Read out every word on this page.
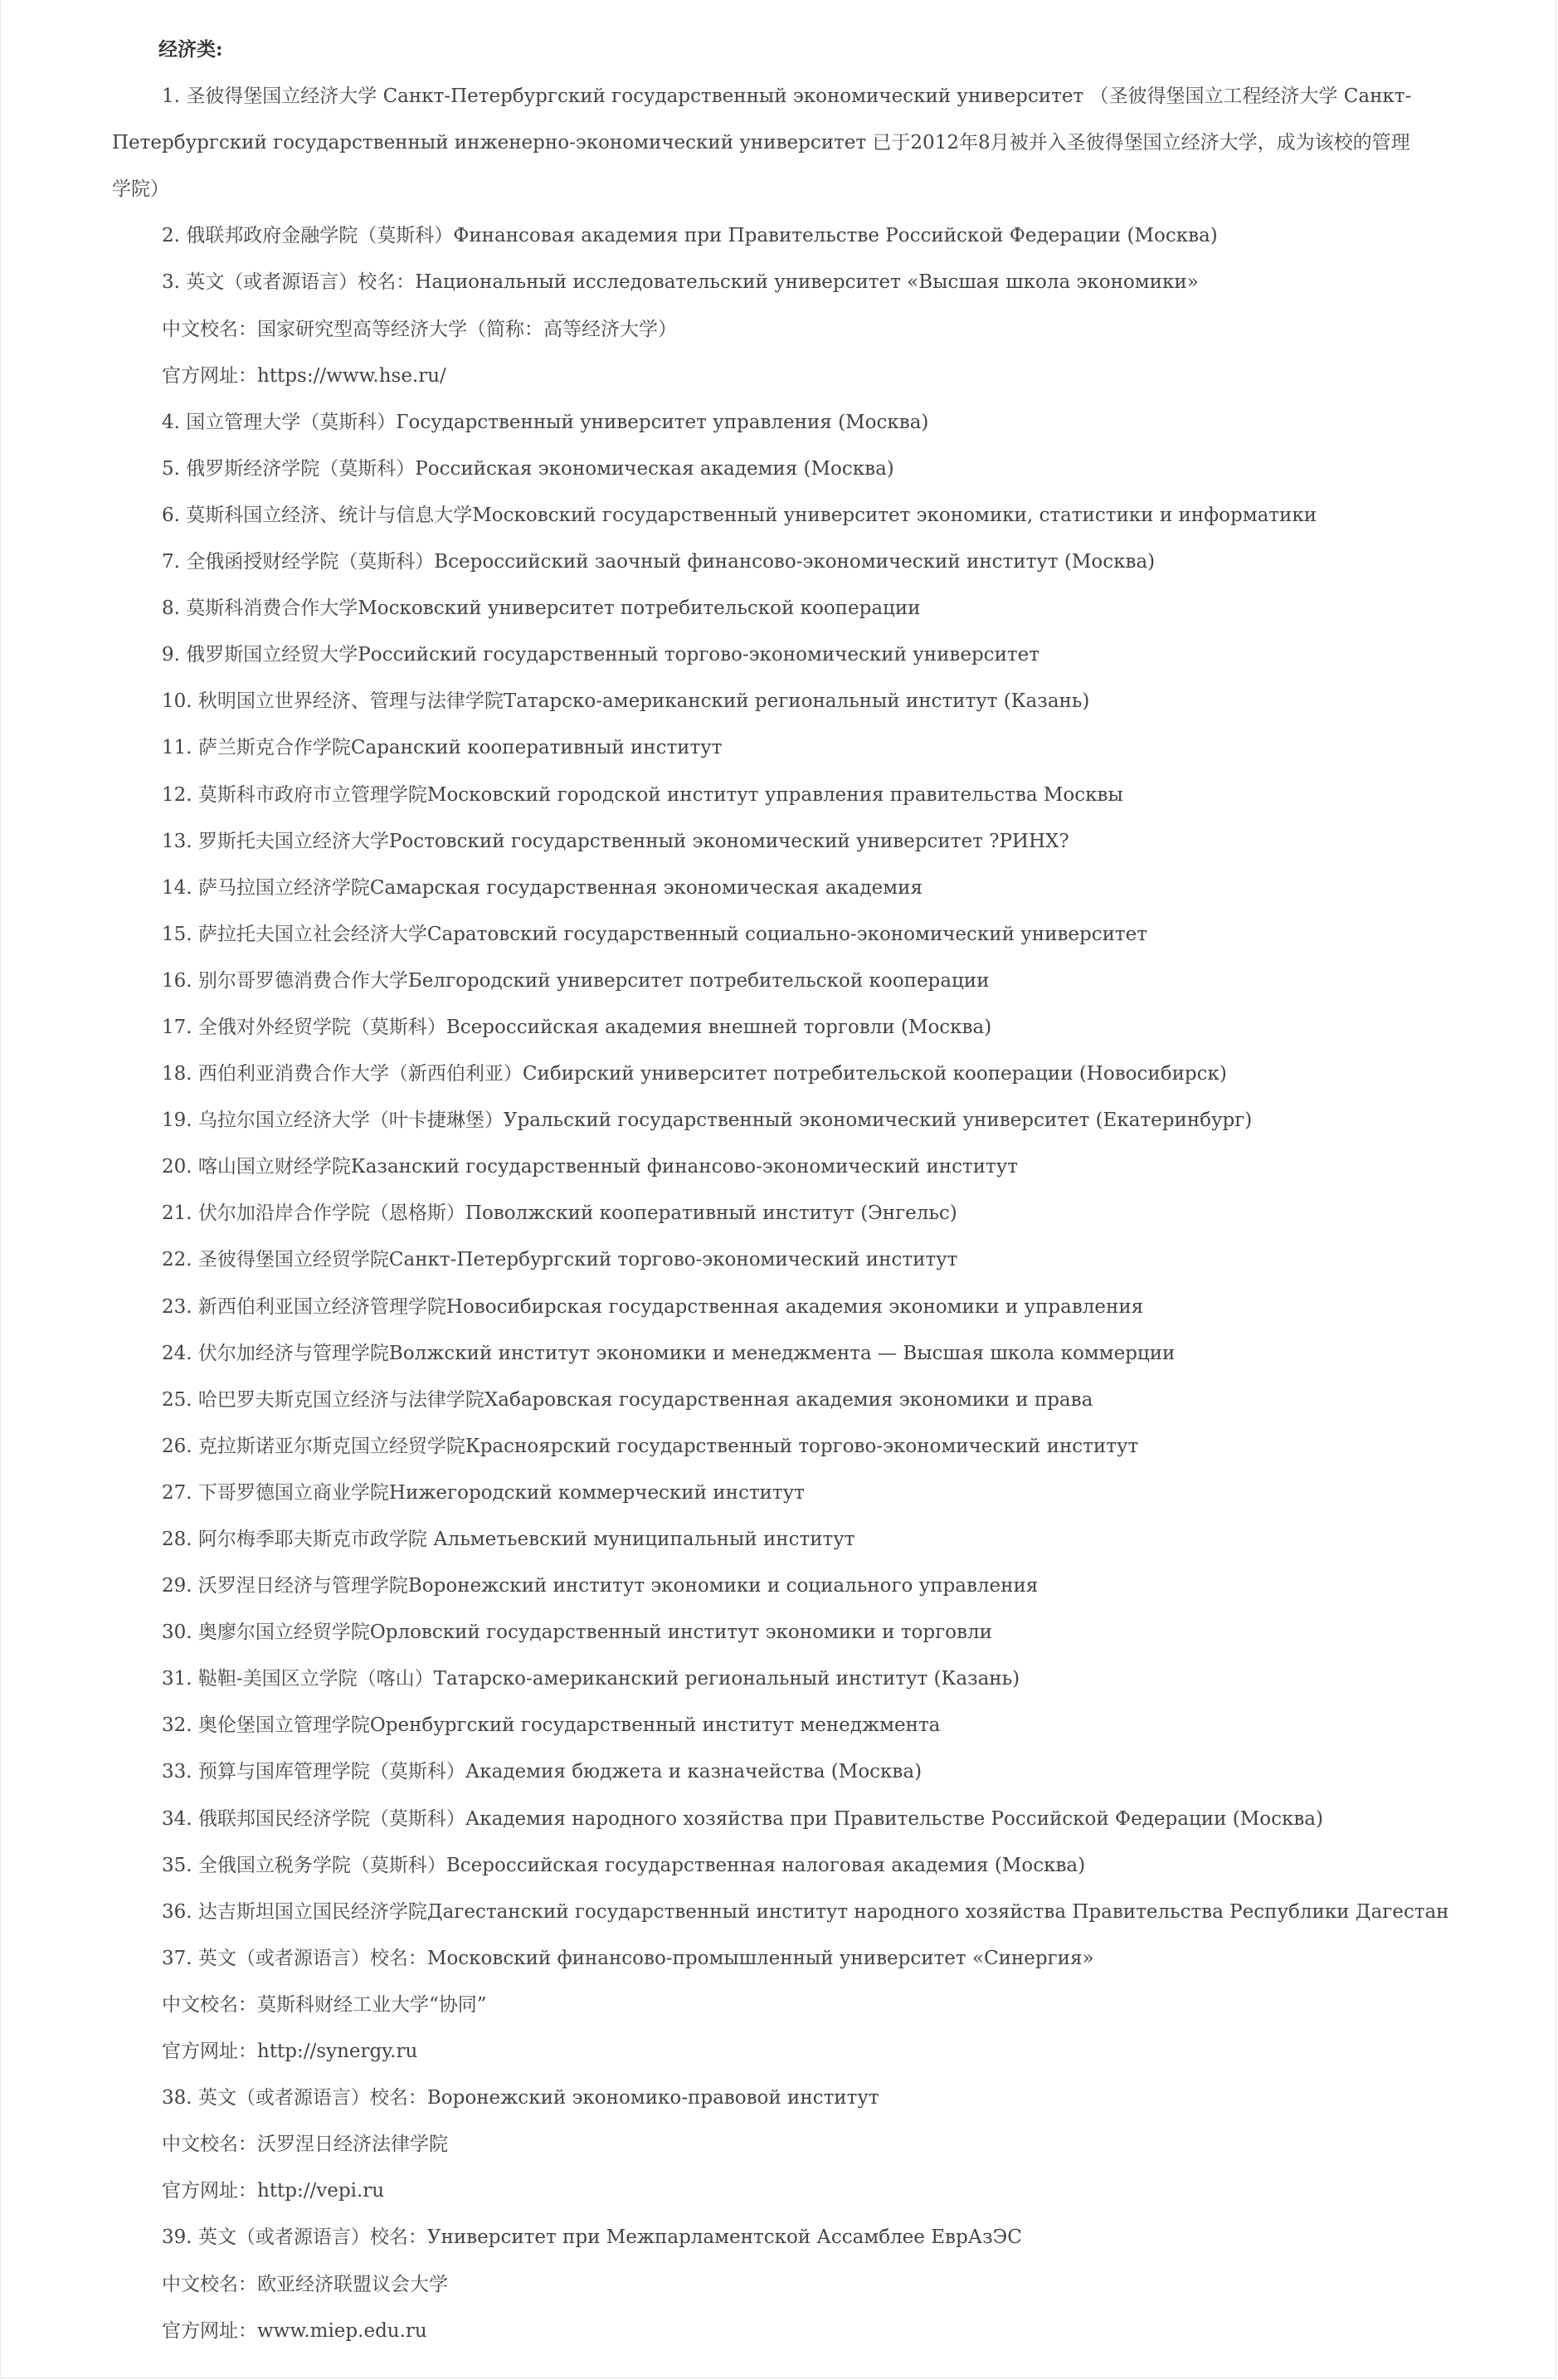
经济类:
1. 圣彼得堡国立经济大学 Санкт-Петербургский государственный экономический университет （圣彼得堡国立工程经济大学 Санкт-Петербургский государственный инженерно-экономический университет 已于2012年8月被并入圣彼得堡国立经济大学，成为该校的管理学院）
2. 俄联邦政府金融学院（莫斯科）Финансовая академия при Правительстве Российской Федерации (Москва)
3. 英文（或者源语言）校名：Национальный исследовательский университет «Высшая школа экономики»
中文校名：国家研究型高等经济大学（简称：高等经济大学）
官方网址：https://www.hse.ru/
4. 国立管理大学（莫斯科）Государственный университет управления (Москва)
5. 俄罗斯经济学院（莫斯科）Российская экономическая академия (Москва)
6. 莫斯科国立经济、统计与信息大学Московский государственный университет экономики, статистики и информатики
7. 全俄函授财经学院（莫斯科）Всероссийский заочный финансово-экономический институт (Москва)
8. 莫斯科消费合作大学Московский университет потребительской кооперации
9. 俄罗斯国立经贸大学Российский государственный торгово-экономический университет
10. 秋明国立世界经济、管理与法律学院Татарско-американский региональный институт (Казань)
11. 萨兰斯克合作学院Саранский кооперативный институт
12. 莫斯科市政府市立管理学院Московский городской институт управления правительства Москвы
13. 罗斯托夫国立经济大学Ростовский государственный экономический университет ?РИНХ?
14. 萨马拉国立经济学院Самарская государственная экономическая академия
15. 萨拉托夫国立社会经济大学Саратовский государственный социально-экономический университет
16. 别尔哥罗德消费合作大学Белгородский университет потребительской кооперации
17. 全俄对外经贸学院（莫斯科）Всероссийская академия внешней торговли (Москва)
18. 西伯利亚消费合作大学（新西伯利亚）Сибирский университет потребительской кооперации (Новосибирск)
19. 乌拉尔国立经济大学（叶卡捷琳堡）Уральский государственный экономический университет (Екатеринбург)
20. 喀山国立财经学院Казанский государственный финансово-экономический институт
21. 伏尔加沿岸合作学院（恩格斯）Поволжский кооперативный институт (Энгельс)
22. 圣彼得堡国立经贸学院Санкт-Петербургский торгово-экономический институт
23. 新西伯利亚国立经济管理学院Новосибирская государственная академия экономики и управления
24. 伏尔加经济与管理学院Волжский институт экономики и менеджмента — Высшая школа коммерции
25. 哈巴罗夫斯克国立经济与法律学院Хабаровская государственная академия экономики и права
26. 克拉斯诺亚尔斯克国立经贸学院Красноярский государственный торгово-экономический институт
27. 下哥罗德国立商业学院Нижегородский коммерческий институт
28. 阿尔梅季耶夫斯克市政学院 Альметьевский муниципальный институт
29. 沃罗涅日经济与管理学院Воронежский институт экономики и социального управления
30. 奥廖尔国立经贸学院Орловский государственный институт экономики и торговли
31. 鞑靼-美国区立学院（喀山）Татарско-американский региональный институт (Казань)
32. 奥伦堡国立管理学院Оренбургский государственный институт менеджмента
33. 预算与国库管理学院（莫斯科）Академия бюджета и казначейства (Москва)
34. 俄联邦国民经济学院（莫斯科）Академия народного хозяйства при Правительстве Российской Федерации (Москва)
35. 全俄国立税务学院（莫斯科）Всероссийская государственная налоговая академия (Москва)
36. 达吉斯坦国立国民经济学院Дагестанский государственный институт народного хозяйства Правительства Республики Дагестан
37. 英文（或者源语言）校名：Московский финансово-промышленный университет «Синергия»
中文校名：莫斯科财经工业大学“协同”
官方网址：http://synergy.ru
38. 英文（或者源语言）校名：Воронежский экономико-правовой институт
中文校名：沃罗涅日经济法律学院
官方网址：http://vepi.ru
39. 英文（或者源语言）校名：Университет при Межпарламентской Ассамблее ЕврАзЭС
中文校名：欧亚经济联盟议会大学
官方网址：www.miep.edu.ru
